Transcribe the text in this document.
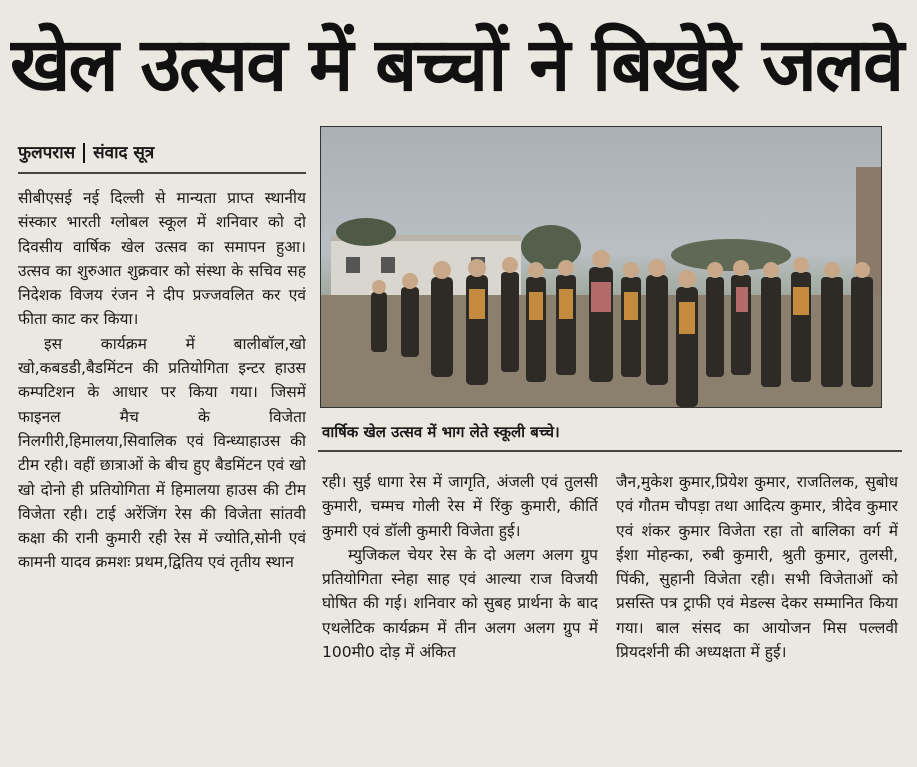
खेल उत्सव में बच्चों ने बिखेरे जलवे
फुलपरास संवाद सूत्र

सीबीएसई नई दिल्ली से मान्यता प्राप्त स्थानीय संस्कार भारती ग्लोबल स्कूल में शनिवार को दो दिवसीय वार्षिक खेल उत्सव का समापन हुआ। उत्सव का शुरुआत शुक्रवार को संस्था के सचिव सह निदेशक विजय रंजन ने दीप प्रज्जवलित कर एवं फीता काट कर किया।

इस कार्यक्रम में बालीबॉल,खो खो,कबडडी,बैडमिंटन की प्रतियोगिता इन्टर हाउस कम्पटिशन के आधार पर किया गया। जिसमें फाइनल मैच के विजेता निलगीरी,हिमालया,सिवालिक एवं विन्ध्याहाउस की टीम रही। वहीं छात्राओं के बीच हुए बैडमिंटन एवं खो खो दोनो ही प्रतियोगिता में हिमालया हाउस की टीम विजेता रही। टाई अरेंजिंग रेस की विजेता सांतवी कक्षा की रानी कुमारी रही रेस में ज्योति,सोनी एवं कामनी यादव क्रमशः प्रथम,द्वितिय एवं तृतीय स्थान

वार्षिक खेल उत्सव में भाग लेते स्कूली बच्चे।

रही। सुई धागा रेस में जागृति, अंजली एवं तुलसी कुमारी, चम्मच गोली रेस में रिंकु कुमारी, कीर्ति कुमारी एवं डॉली कुमारी विजेता हुई।

म्युजिकल चेयर रेस के दो अलग अलग ग्रुप प्रतियोगिता स्नेहा साह एवं आल्या राज विजयी घोषित की गई। शनिवार को सुबह प्रार्थना के बाद एथलेटिक कार्यक्रम में तीन अलग अलग ग्रुप में 100मी0 दोड़ में अंकित

जैन,मुकेश कुमार,प्रियेश कुमार, राजतिलक, सुबोध एवं गौतम चौपड़ा तथा आदित्य कुमार, त्रीदेव कुमार एवं शंकर कुमार विजेता रहा तो बालिका वर्ग में ईशा मोहन्का, रुबी कुमारी, श्रुती कुमार, तुलसी, पिंकी, सुहानी विजेता रही। सभी विजेताओं को प्रसस्ति पत्र ट्राफी एवं मेडल्स देकर सम्मानित किया गया। बाल संसद का आयोजन मिस पल्लवी प्रियदर्शनी की अध्यक्षता में हुई।
